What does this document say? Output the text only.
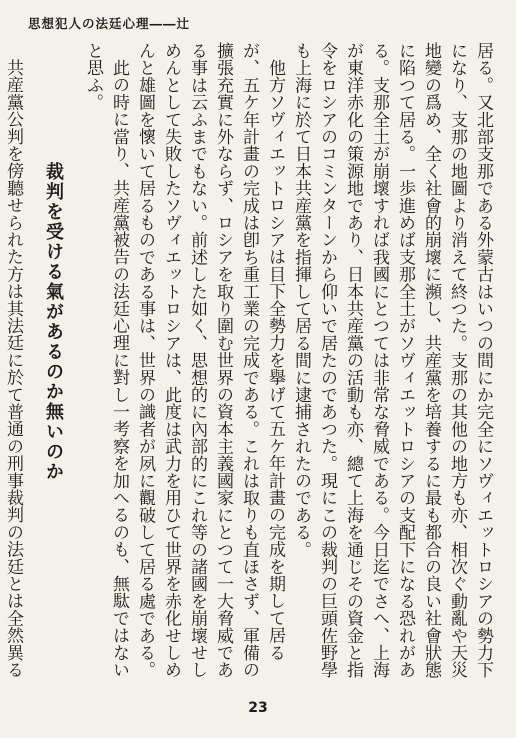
思想犯人の法廷心理――辻

居る。又北部支那である外蒙古はいつの間にか完全にソヴィエットロシアの勢力下になり、支那の地圖より消えて終つた。支那の其他の地方も亦、相次ぐ動亂や天災地變の爲め、全く社會的崩壞に瀕し、共産黨を培養するに最も都合の良い社會狀態に陷つて居る。一歩進めば支那全土がソヴィエットロシアの支配下になる恐れがある。支那全土が崩壞すれば我國にとつては非常な脅威である。今日迄でさへ、上海が東洋赤化の策源地であり、日本共産黨の活動も亦、總て上海を通じその資金と指令をロシアのコミンターンから仰いで居たのであつた。現にこの裁判の巨頭佐野學も上海に於て日本共産黨を指揮して居る間に逮捕されたのである。

他方ソヴィエットロシアは目下全勢力を擧げて五ケ年計畫の完成を期して居るが、五ケ年計畫の完成は卽ち重工業の完成である。これは取りも直ほさず、軍備の擴張充實に外ならず、ロシアを取り圍む世界の資本主義國家にとつて一大脅威である事は云ふまでもない。前述した如く、思想的に內部的にこれ等の諸國を崩壞せしめんとして失敗したソヴィエットロシアは、此度は武力を用ひて世界を赤化せしめんと雄圖を懷いて居るものである事は、世界の識者が夙に觀破して居る處である。

此の時に當り、共産黨被告の法廷心理に對し一考察を加へるのも、無駄ではないと思ふ。

裁判を受ける氣があるのか無いのか

共産黨公判を傍聽せられた方は其法廷に於て普通の刑事裁判の法廷とは全然異る

23
